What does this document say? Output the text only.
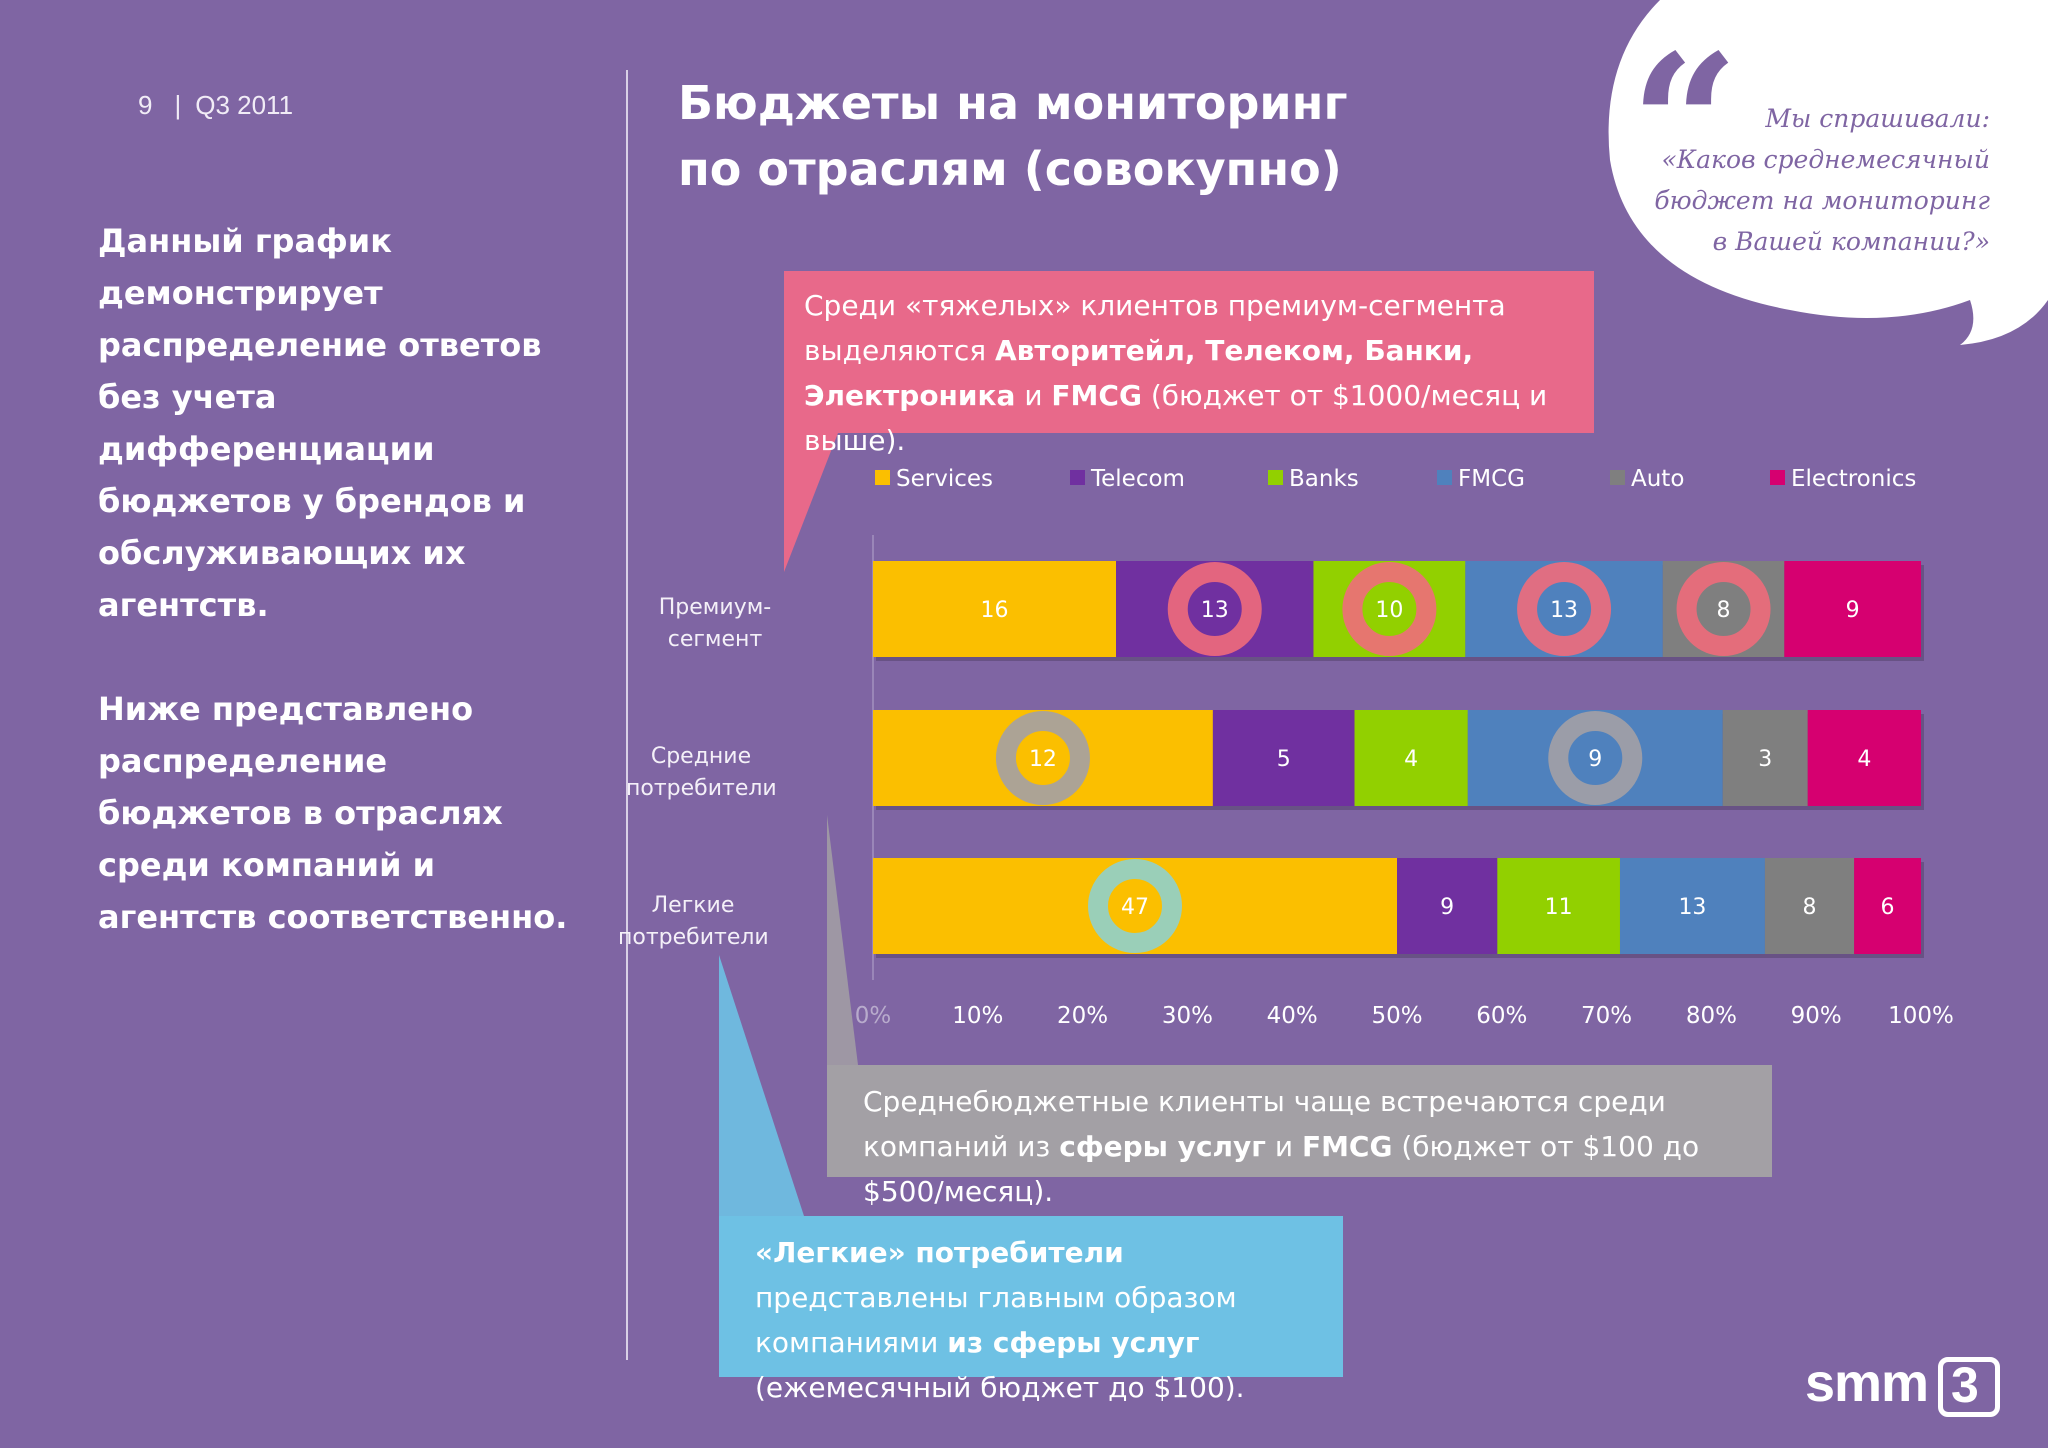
9 | Q3 2011	Бюджеты на мониторинг
по отраслям (совокупно)

Данный график демонстрирует распределение ответов без учета дифференциации бюджетов у брендов и обслуживающих их агентств.

Ниже представлено распределение бюджетов в отраслях среди компаний и агентств соответственно.

“	Мы спрашивали:
«Каков среднемесячный
бюджет на мониторинг
в Вашей компании?»
Среди «тяжелых» клиентов премиум-сегмента выделяются Авторитейл, Телеком, Банки, Электроника и FMCG (бюджет от $1000/месяц и выше).
Среднебюджетные клиенты чаще встречаются среди компаний из сферы услуг и FMCG (бюджет от $100 до $500/месяц).
«Легкие» потребители представлены главным образом компаниями из сферы услуг (ежемесячный бюджет до $100).
Services	Telecom	Banks	FMCG	Auto	Electronics
Премиум-
сегмент
Средние
потребители
Легкие
потребители
16	13	10	13	8	9
12	5	4	9	3	4
47	9	11	13	8	6
0%	10%	20%	30%	40%	50%	60%	70%	80%	90%	100%
smm 3
